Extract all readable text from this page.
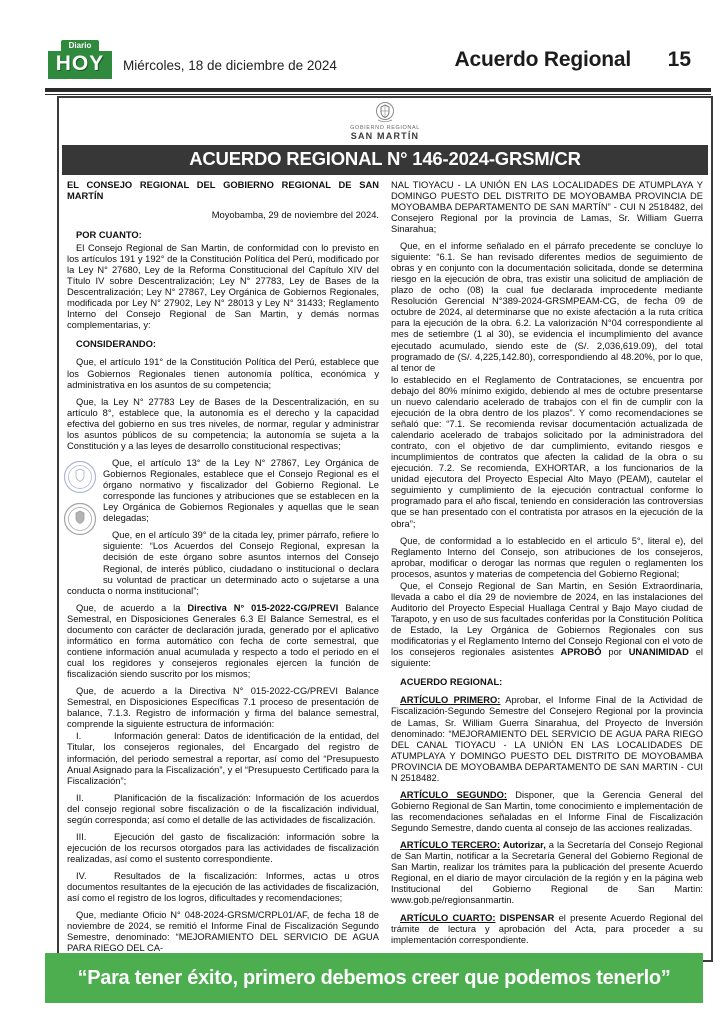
Diario
HOY	Miércoles, 18 de diciembre de 2024	Acuerdo Regional 15
GOBIERNO REGIONAL
SAN MARTÍN
ACUERDO REGIONAL N° 146-2024-GRSM/CR

EL CONSEJO REGIONAL DEL GOBIERNO REGIONAL DE SAN MARTÍN

Moyobamba, 29 de noviembre del 2024.

POR CUANTO:

El Consejo Regional de San Martin, de conformidad con lo previsto en los artículos 191 y 192° de la Constitución Política del Perú, modificado por la Ley N° 27680, Ley de la Reforma Constitucional del Capítulo XIV del Título IV sobre Descentralización; Ley N° 27783, Ley de Bases de la Descentralización; Ley N° 27867, Ley Orgánica de Gobiernos Regionales, modificada por Ley N° 27902, Ley N° 28013 y Ley N° 31433; Reglamento Interno del Consejo Regional de San Martin, y demás normas complementarias, y:

CONSIDERANDO:

Que, el artículo 191° de la Constitución Política del Perú, establece que los Gobiernos Regionales tienen autonomía política, económica y administrativa en los asuntos de su competencia;

Que, la Ley N° 27783 Ley de Bases de la Descentralización, en su artículo 8°, establece que, la autonomía es el derecho y la capacidad efectiva del gobierno en sus tres niveles, de normar, regular y administrar los asuntos públicos de su competencia; la autonomía se sujeta a la Constitución y a las leyes de desarrollo constitucional respectivas;

Que, el artículo 13° de la Ley N° 27867, Ley Orgánica de Gobiernos Regionales, establece que el Consejo Regional es el órgano normativo y fiscalizador del Gobierno Regional. Le corresponde las funciones y atribuciones que se establecen en la Ley Orgánica de Gobiernos Regionales y aquellas que le sean delegadas;

Que, en el artículo 39° de la citada ley, primer párrafo, refiere lo siguiente: “Los Acuerdos del Consejo Regional, expresan la decisión de este órgano sobre asuntos internos del Consejo Regional, de interés público, ciudadano o institucional o declara su voluntad de practicar un determinado acto o sujetarse a una conducta o norma institucional”;

Que, de acuerdo a la Directiva N° 015-2022-CG/PREVI Balance Semestral, en Disposiciones Generales 6.3 El Balance Semestral, es el documento con carácter de declaración jurada, generado por el aplicativo informático en forma automático con fecha de corte semestral, que contiene información anual acumulada y respecto a todo el periodo en el cual los regidores y consejeros regionales ejercen la función de fiscalización siendo suscrito por los mismos;

Que, de acuerdo a la Directiva N° 015-2022-CG/PREVI Balance Semestral, en Disposiciones Específicas 7.1 proceso de presentación de balance, 7.1.3. Registro de información y firma del balance semestral, comprende la siguiente estructura de información:

I.	Información general: Datos de identificación de la entidad, del Titular, los consejeros regionales, del Encargado del registro de información, del periodo semestral a reportar, así como del “Presupuesto Anual Asignado para la Fiscalización”, y el “Presupuesto Certificado para la Fiscalización”;

II.	Planificación de la fiscalización: Información de los acuerdos del consejo regional sobre fiscalización o de la fiscalización individual, según corresponda; así como el detalle de las actividades de fiscalización.

III.	Ejecución del gasto de fiscalización: información sobre la ejecución de los recursos otorgados para las actividades de fiscalización realizadas, así como el sustento correspondiente.

IV.	Resultados de la fiscalización: Informes, actas u otros documentos resultantes de la ejecución de las actividades de fiscalización, así como el registro de los logros, dificultades y recomendaciones;

Que, mediante Oficio N° 048-2024-GRSM/CRPL01/AF, de fecha 18 de noviembre de 2024, se remitió el Informe Final de Fiscalización Segundo Semestre, denominado: “MEJORAMIENTO DEL SERVICIO DE AGUA PARA RIEGO DEL CA-

NAL TIOYACU - LA UNIÓN EN LAS LOCALIDADES DE ATUMPLAYA Y DOMINGO PUESTO DEL DISTRITO DE MOYOBAMBA PROVINCIA DE MOYOBAMBA DEPARTAMENTO DE SAN MARTÍN” - CUI N 2518482, del Consejero Regional por la provincia de Lamas, Sr. William Guerra Sinarahua;

Que, en el informe señalado en el párrafo precedente se concluye lo siguiente: “6.1. Se han revisado diferentes medios de seguimiento de obras y en conjunto con la documentación solicitada, donde se determina riesgo en la ejecución de obra, tras existir una solicitud de ampliación de plazo de ocho (08) la cual fue declarada improcedente mediante Resolución Gerencial N°389-2024-GRSMPEAM-CG, de fecha 09 de octubre de 2024, al determinarse que no existe afectación a la ruta crítica para la ejecución de la obra. 6.2. La valorización N°04 correspondiente al mes de setiembre (1 al 30), se evidencia el incumplimiento del avance ejecutado acumulado, siendo este de (S/. 2,036,619.09), del total programado de (S/. 4,225,142.80), correspondiendo al 48.20%, por lo que, al tenor de

lo establecido en el Reglamento de Contrataciones, se encuentra por debajo del 80% mínimo exigido, debiendo al mes de octubre presentarse un nuevo calendario acelerado de trabajos con el fin de cumplir con la ejecución de la obra dentro de los plazos”. Y como recomendaciones se señaló que: “7.1. Se recomienda revisar documentación actualizada de calendario acelerado de trabajos solicitado por la administradora del contrato, con el objetivo de dar cumplimiento, evitando riesgos e incumplimientos de contratos que afecten la calidad de la obra o su ejecución. 7.2. Se recomienda, EXHORTAR, a los funcionarios de la unidad ejecutora del Proyecto Especial Alto Mayo (PEAM), cautelar el seguimiento y cumplimiento de la ejecución contractual conforme lo programado para el año fiscal, teniendo en consideración las controversias que se han presentado con el contratista por atrasos en la ejecución de la obra”;

Que, de conformidad a lo establecido en el articulo 5°, literal e), del Reglamento Interno del Consejo, son atribuciones de los consejeros, aprobar, modificar o derogar las normas que regulen o reglamenten los procesos, asuntos y materias de competencia del Gobierno Regional;

Que, el Consejo Regional de San Martin, en Sesión Extraordinaria, llevada a cabo el día 29 de noviembre de 2024, en las instalaciones del Auditorio del Proyecto Especial Huallaga Central y Bajo Mayo ciudad de Tarapoto, y en uso de sus facultades conferidas por la Constitución Política de Estado, la Ley Orgánica de Gobiernos Regionales con sus modificatorias y el Reglamento Interno del Consejo Regional con el voto de los consejeros regionales asistentes APROBÓ por UNANIMIDAD el siguiente:

ACUERDO REGIONAL:

ARTÍCULO PRIMERO: Aprobar, el Informe Final de la Actividad de Fiscalización-Segundo Semestre del Consejero Regional por la provincia de Lamas, Sr. William Guerra Sinarahua, del Proyecto de Inversión denominado: “MEJORAMIENTO DEL SERVICIO DE AGUA PARA RIEGO DEL CANAL TIOYACU - LA UNIÓN EN LAS LOCALIDADES DE ATUMPLAYA Y DOMINGO PUESTO DEL DISTRITO DE MOYOBAMBA PROVINCIA DE MOYOBAMBA DEPARTAMENTO DE SAN MARTIN - CUI N 2518482.

ARTÍCULO SEGUNDO: Disponer, que la Gerencia General del Gobierno Regional de San Martin, tome conocimiento e implementación de las recomendaciones señaladas en el Informe Final de Fiscalización Segundo Semestre, dando cuenta al consejo de las acciones realizadas.

ARTÍCULO TERCERO: Autorizar, a la Secretaría del Consejo Regional de San Martin, notificar a la Secretaría General del Gobierno Regional de San Martin, realizar los trámites para la publicación del presente Acuerdo Regional, en el diario de mayor circulación de la región y en la página web Institucional del Gobierno Regional de San Martin: www.gob.pe/regionsanmartin.

ARTÍCULO CUARTO: DISPENSAR el presente Acuerdo Regional del trámite de lectura y aprobación del Acta, para proceder a su implementación correspondiente.

“Para tener éxito, primero debemos creer que podemos tenerlo”
